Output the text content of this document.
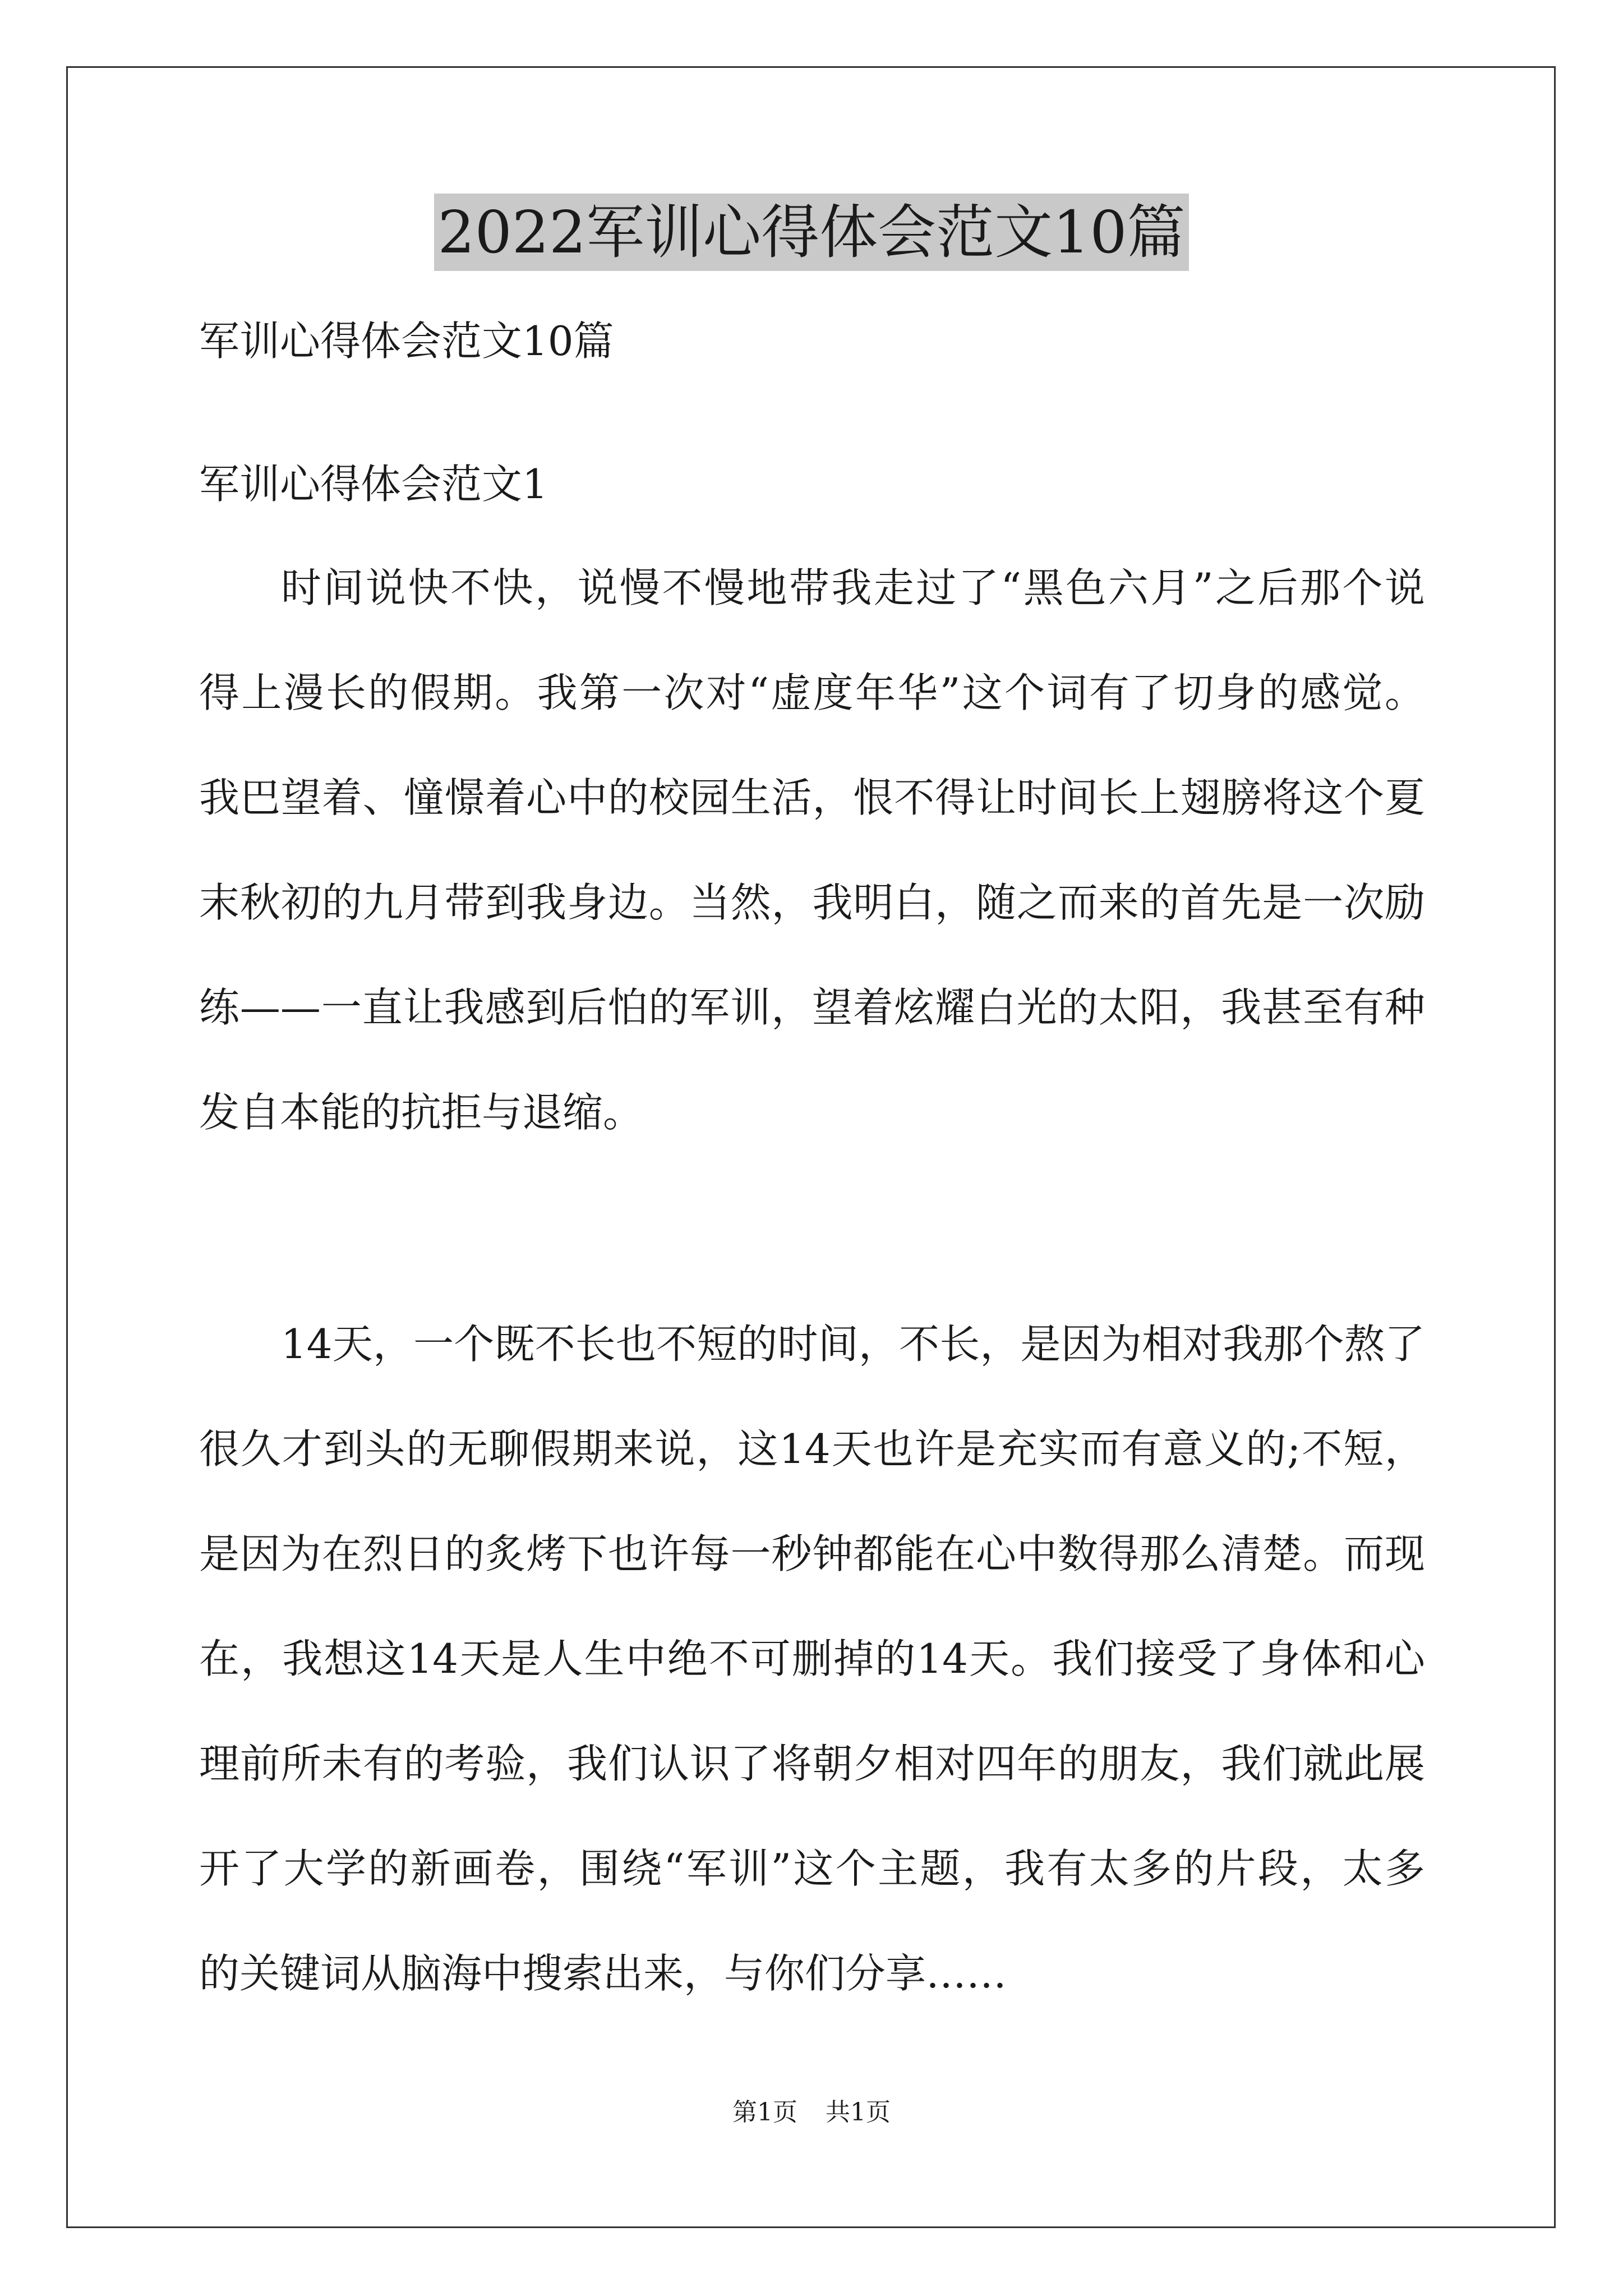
2022军训心得体会范文10篇
军训心得体会范文10篇
军训心得体会范文1
时间说快不快，说慢不慢地带我走过了“黑色六月”之后那个说
得上漫长的假期。我第一次对“虚度年华”这个词有了切身的感觉。
我巴望着、憧憬着心中的校园生活，恨不得让时间长上翅膀将这个夏
末秋初的九月带到我身边。当然，我明白，随之而来的首先是一次励
练——一直让我感到后怕的军训，望着炫耀白光的太阳，我甚至有种
发自本能的抗拒与退缩。
14天，一个既不长也不短的时间，不长，是因为相对我那个熬了
很久才到头的无聊假期来说，这14天也许是充实而有意义的;不短，
是因为在烈日的炙烤下也许每一秒钟都能在心中数得那么清楚。而现
在，我想这14天是人生中绝不可删掉的14天。我们接受了身体和心
理前所未有的考验，我们认识了将朝夕相对四年的朋友，我们就此展
开了大学的新画卷，围绕“军训”这个主题，我有太多的片段，太多
的关键词从脑海中搜索出来，与你们分享……
第1页 共1页
